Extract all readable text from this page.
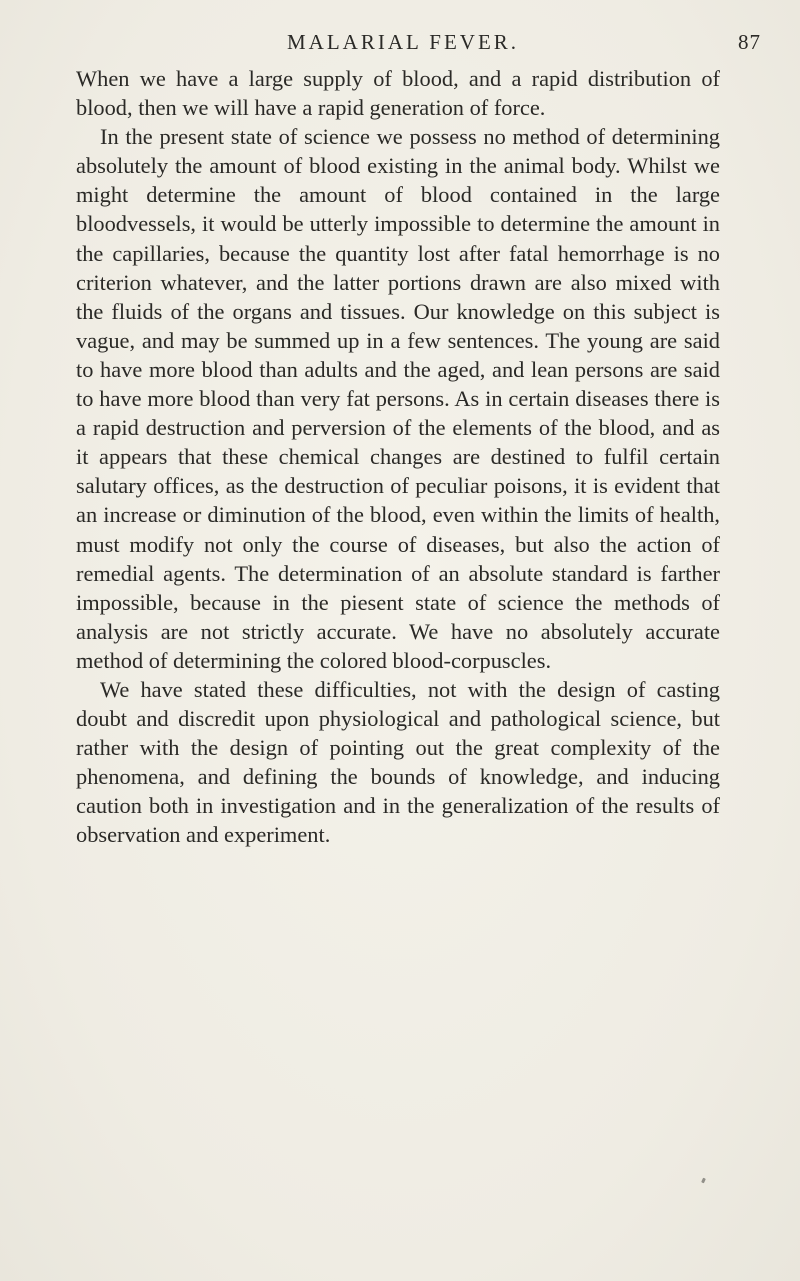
MALARIAL FEVER.	87

When we have a large supply of blood, and a rapid distribution of blood, then we will have a rapid generation of force.

In the present state of science we possess no method of determining absolutely the amount of blood existing in the animal body. Whilst we might determine the amount of blood contained in the large bloodvessels, it would be utterly impossible to determine the amount in the capillaries, because the quantity lost after fatal hemorrhage is no criterion whatever, and the latter portions drawn are also mixed with the fluids of the organs and tissues. Our knowledge on this subject is vague, and may be summed up in a few sentences. The young are said to have more blood than adults and the aged, and lean persons are said to have more blood than very fat persons. As in certain diseases there is a rapid destruction and perversion of the elements of the blood, and as it appears that these chemical changes are destined to fulfil certain salutary offices, as the destruction of peculiar poisons, it is evident that an increase or diminution of the blood, even within the limits of health, must modify not only the course of diseases, but also the action of remedial agents. The determination of an absolute standard is farther impossible, because in the piesent state of science the methods of analysis are not strictly accurate. We have no absolutely accurate method of determining the colored blood-corpuscles.

We have stated these difficulties, not with the design of casting doubt and discredit upon physiological and pathological science, but rather with the design of pointing out the great complexity of the phenomena, and defining the bounds of knowledge, and inducing caution both in investigation and in the generalization of the results of observation and experiment.
